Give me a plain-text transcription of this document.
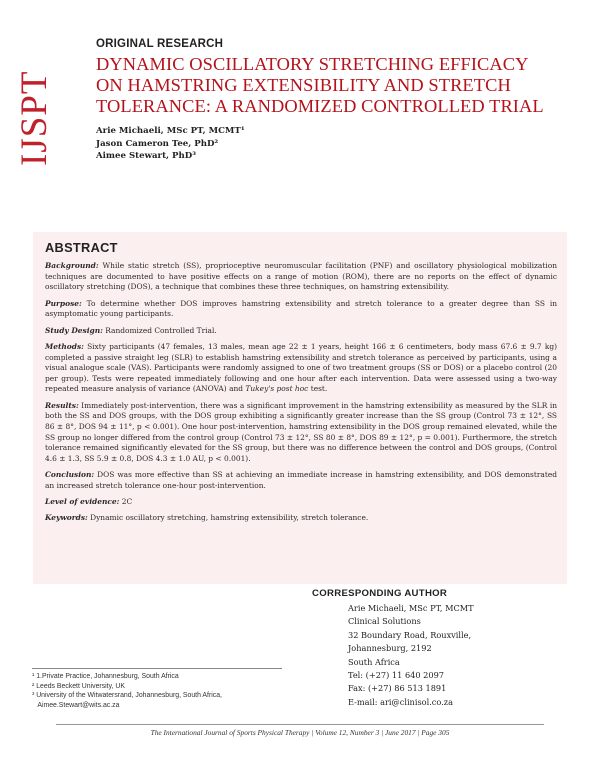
IJSPT
ORIGINAL RESEARCH
DYNAMIC OSCILLATORY STRETCHING EFFICACY
ON HAMSTRING EXTENSIBILITY AND STRETCH
TOLERANCE: A RANDOMIZED CONTROLLED TRIAL
Arie Michaeli, MSc PT, MCMT¹
Jason Cameron Tee, PhD²
Aimee Stewart, PhD³
ABSTRACT

Background: While static stretch (SS), proprioceptive neuromuscular facilitation (PNF) and oscillatory physiological mobilization techniques are documented to have positive effects on a range of motion (ROM), there are no reports on the effect of dynamic oscillatory stretching (DOS), a technique that combines these three techniques, on hamstring extensibility.

Purpose: To determine whether DOS improves hamstring extensibility and stretch tolerance to a greater degree than SS in asymptomatic young participants.

Study Design: Randomized Controlled Trial.

Methods: Sixty participants (47 females, 13 males, mean age 22 ± 1 years, height 166 ± 6 centimeters, body mass 67.6 ± 9.7 kg) completed a passive straight leg (SLR) to establish hamstring extensibility and stretch tolerance as perceived by participants, using a visual analogue scale (VAS). Participants were randomly assigned to one of two treatment groups (SS or DOS) or a placebo control (20 per group). Tests were repeated immediately following and one hour after each intervention. Data were assessed using a two-way repeated measure analysis of variance (ANOVA) and Tukey's post hoc test.

Results: Immediately post-intervention, there was a significant improvement in the hamstring extensibility as measured by the SLR in both the SS and DOS groups, with the DOS group exhibiting a significantly greater increase than the SS group (Control 73 ± 12°, SS 86 ± 8°, DOS 94 ± 11°, p < 0.001). One hour post-intervention, hamstring extensibility in the DOS group remained elevated, while the SS group no longer differed from the control group (Control 73 ± 12°, SS 80 ± 8°, DOS 89 ± 12°, p = 0.001). Furthermore, the stretch tolerance remained significantly elevated for the SS group, but there was no difference between the control and DOS groups, (Control 4.6 ± 1.3, SS 5.9 ± 0.8, DOS 4.3 ± 1.0 AU, p < 0.001).

Conclusion: DOS was more effective than SS at achieving an immediate increase in hamstring extensibility, and DOS demonstrated an increased stretch tolerance one-hour post-intervention.

Level of evidence: 2C

Keywords: Dynamic oscillatory stretching, hamstring extensibility, stretch tolerance.

CORRESPONDING AUTHOR
Arie Michaeli, MSc PT, MCMT
Clinical Solutions
32 Boundary Road, Rouxville,
Johannesburg, 2192
South Africa
Tel: (+27) 11 640 2097
Fax: (+27) 86 513 1891
E-mail: ari@clinisol.co.za
¹ 1.Private Practice, Johannesburg, South Africa
² Leeds Beckett University, UK
³ University of the Witwatersrand, Johannesburg, South Africa,
Aimee.Stewart@wits.ac.za
The International Journal of Sports Physical Therapy | Volume 12, Number 3 | June 2017 | Page 305
